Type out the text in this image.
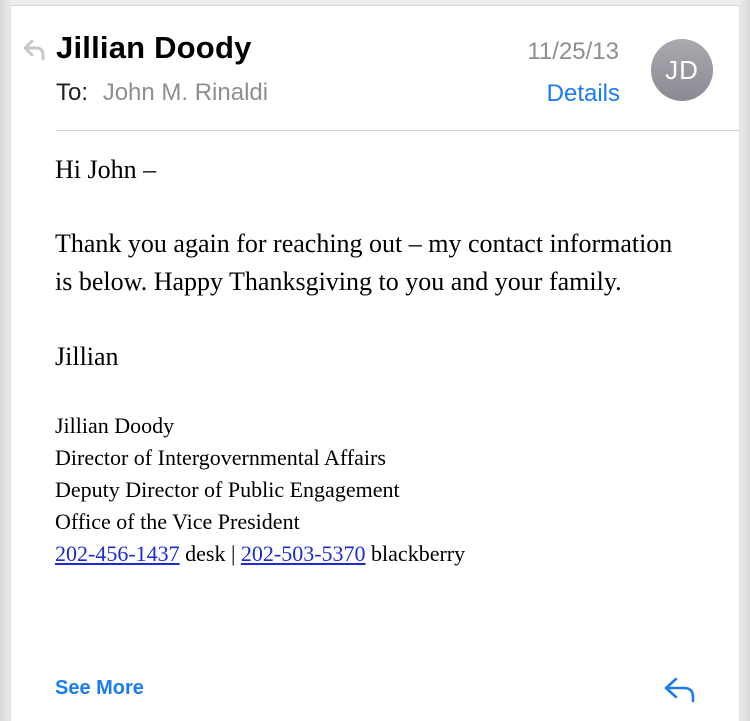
Jillian Doody	11/25/13
To: John M. Rinaldi	Details
JD

Hi John –

Thank you again for reaching out – my contact information is below. Happy Thanksgiving to you and your family.

Jillian

Jillian Doody
Director of Intergovernmental Affairs
Deputy Director of Public Engagement
Office of the Vice President
202-456-1437 desk | 202-503-5370 blackberry
See More
